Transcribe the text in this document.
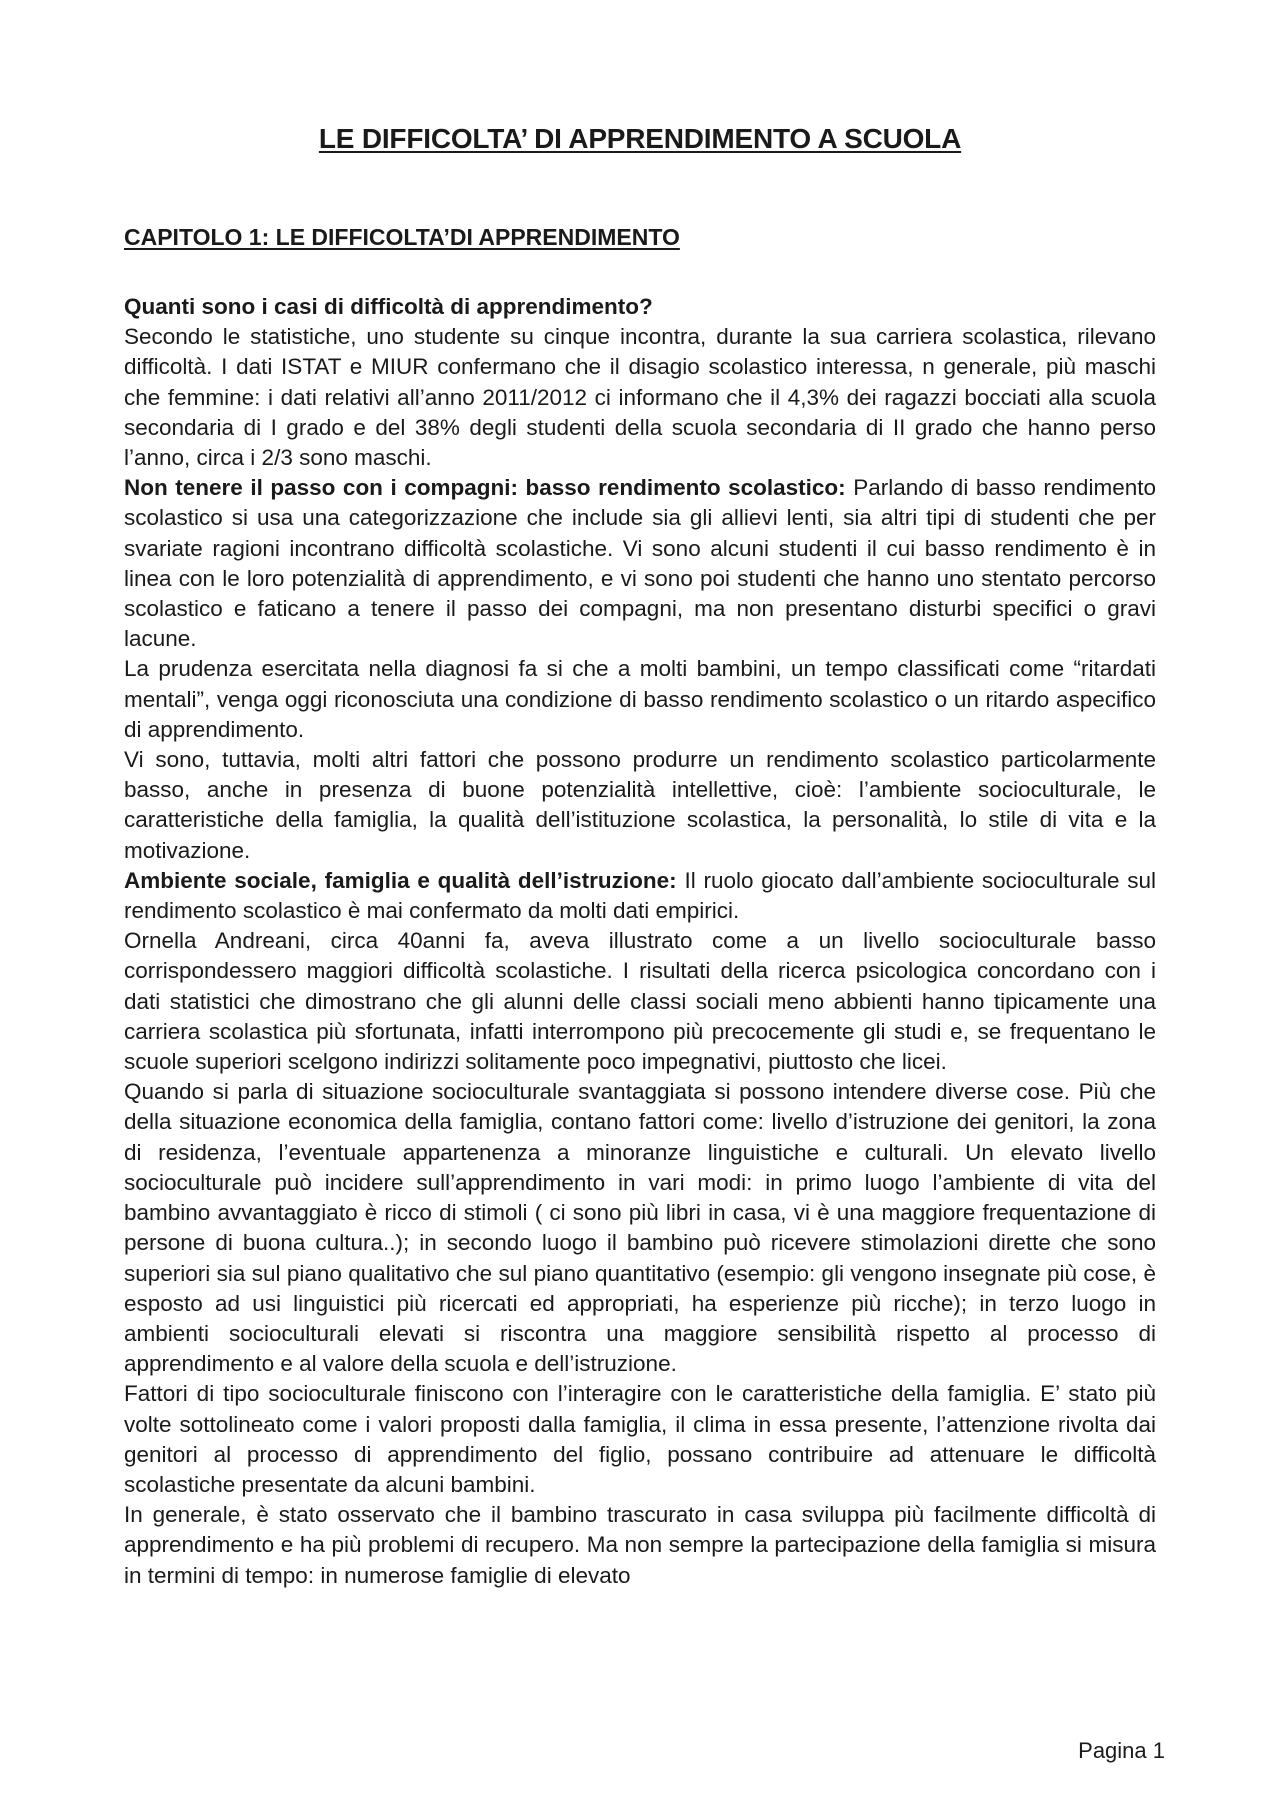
LE DIFFICOLTA’ DI APPRENDIMENTO A SCUOLA
CAPITOLO 1: LE DIFFICOLTA’DI APPRENDIMENTO
Quanti sono i casi di difficoltà di apprendimento?

Secondo le statistiche, uno studente su cinque incontra, durante la sua carriera scolastica, rilevano difficoltà. I dati ISTAT e MIUR confermano che il disagio scolastico interessa, n generale, più maschi che femmine: i dati relativi all’anno 2011/2012 ci informano che il 4,3% dei ragazzi bocciati alla scuola secondaria di I grado e del 38% degli studenti della scuola secondaria di II grado che hanno perso l’anno, circa i 2/3 sono maschi.

Non tenere il passo con i compagni: basso rendimento scolastico: Parlando di basso rendimento scolastico si usa una categorizzazione che include sia gli allievi lenti, sia altri tipi di studenti che per svariate ragioni incontrano difficoltà scolastiche. Vi sono alcuni studenti il cui basso rendimento è in linea con le loro potenzialità di apprendimento, e vi sono poi studenti che hanno uno stentato percorso scolastico e faticano a tenere il passo dei compagni, ma non presentano disturbi specifici o gravi lacune.

La prudenza esercitata nella diagnosi fa si che a molti bambini, un tempo classificati come “ritardati mentali”, venga oggi riconosciuta una condizione di basso rendimento scolastico o un ritardo aspecifico di apprendimento.

Vi sono, tuttavia, molti altri fattori che possono produrre un rendimento scolastico particolarmente basso, anche in presenza di buone potenzialità intellettive, cioè: l’ambiente socioculturale, le caratteristiche della famiglia, la qualità dell’istituzione scolastica, la personalità, lo stile di vita e la motivazione.

Ambiente sociale, famiglia e qualità dell’istruzione: Il ruolo giocato dall’ambiente socioculturale sul rendimento scolastico è mai confermato da molti dati empirici.

Ornella Andreani, circa 40anni fa, aveva illustrato come a un livello socioculturale basso corrispondessero maggiori difficoltà scolastiche. I risultati della ricerca psicologica concordano con i dati statistici che dimostrano che gli alunni delle classi sociali meno abbienti hanno tipicamente una carriera scolastica più sfortunata, infatti interrompono più precocemente gli studi e, se frequentano le scuole superiori scelgono indirizzi solitamente poco impegnativi, piuttosto che licei.

Quando si parla di situazione socioculturale svantaggiata si possono intendere diverse cose. Più che della situazione economica della famiglia, contano fattori come: livello d’istruzione dei genitori, la zona di residenza, l’eventuale appartenenza a minoranze linguistiche e culturali. Un elevato livello socioculturale può incidere sull’apprendimento in vari modi: in primo luogo l’ambiente di vita del bambino avvantaggiato è ricco di stimoli ( ci sono più libri in casa, vi è una maggiore frequentazione di persone di buona cultura..); in secondo luogo il bambino può ricevere stimolazioni dirette che sono superiori sia sul piano qualitativo che sul piano quantitativo (esempio: gli vengono insegnate più cose, è esposto ad usi linguistici più ricercati ed appropriati, ha esperienze più ricche); in terzo luogo in ambienti socioculturali elevati si riscontra una maggiore sensibilità rispetto al processo di apprendimento e al valore della scuola e dell’istruzione.

Fattori di tipo socioculturale finiscono con l’interagire con le caratteristiche della famiglia. E’ stato più volte sottolineato come i valori proposti dalla famiglia, il clima in essa presente, l’attenzione rivolta dai genitori al processo di apprendimento del figlio, possano contribuire ad attenuare le difficoltà scolastiche presentate da alcuni bambini.

In generale, è stato osservato che il bambino trascurato in casa sviluppa più facilmente difficoltà di apprendimento e ha più problemi di recupero. Ma non sempre la partecipazione della famiglia si misura in termini di tempo: in numerose famiglie di elevato

Pagina 1
